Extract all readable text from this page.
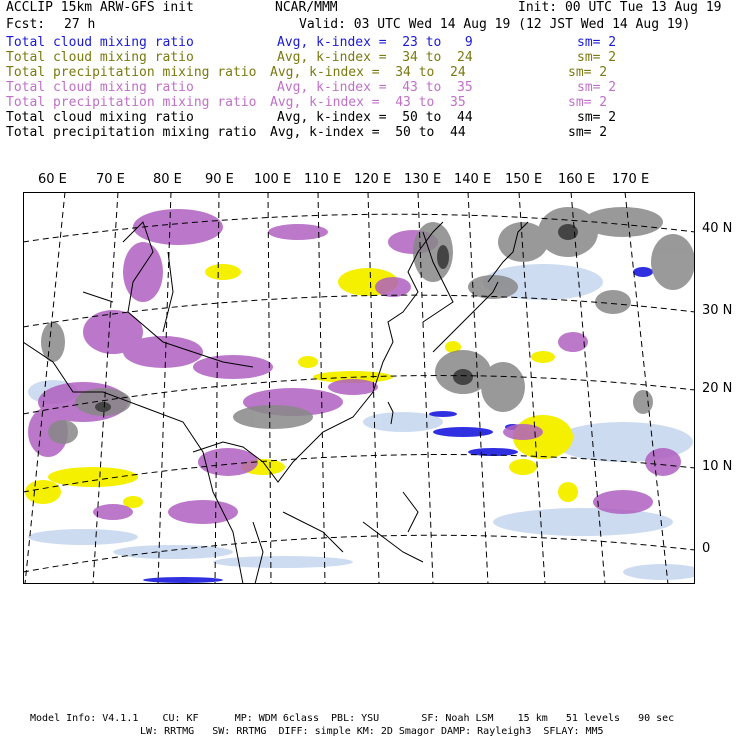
ACCLIP 15km ARW-GFS init	NCAR/MMM	Init: 00 UTC Tue 13 Aug 19
Fcst: 27 h	Valid: 03 UTC Wed 14 Aug 19 (12 JST Wed 14 Aug 19)
Total cloud mixing ratio	Avg, k-index =  23 to   9	sm= 2
Total cloud mixing ratio	Avg, k-index =  34 to  24	sm= 2
Total precipitation mixing ratio Avg, k-index =  34 to  24	sm= 2
Total cloud mixing ratio	Avg, k-index =  43 to  35	sm= 2
Total precipitation mixing ratio Avg, k-index =  43 to  35	sm= 2
Total cloud mixing ratio	Avg, k-index =  50 to  44	sm= 2
Total precipitation mixing ratio Avg, k-index =  50 to  44	sm= 2
60 E 70 E 80 E 90 E 100 E 110 E 120 E 130 E 140 E 150 E 160 E 170 E
40 N
30 N
20 N
10 N
0
Model Info: V4.1.1    CU: KF      MP: WDM 6class  PBL: YSU       SF: Noah LSM    15 km   51 levels   90 sec
LW: RRTMG   SW: RRTMG  DIFF: simple KM: 2D Smagor DAMP: Rayleigh3  SFLAY: MM5
